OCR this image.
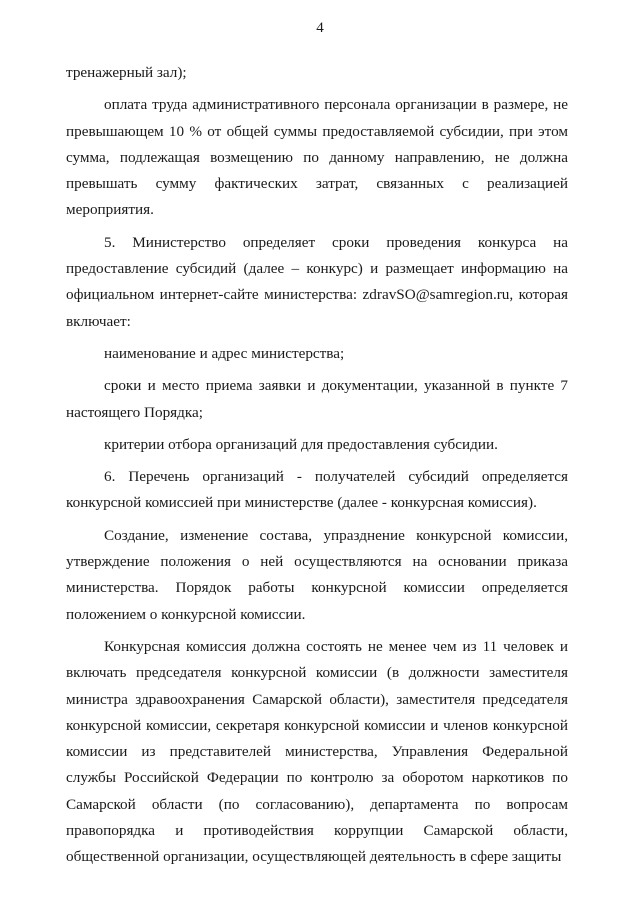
4

тренажерный зал);

оплата труда административного персонала организации в размере, не превышающем 10 % от общей суммы предоставляемой субсидии, при этом сумма, подлежащая возмещению по данному направлению, не должна превышать сумму фактических затрат, связанных с реализацией мероприятия.

5. Министерство определяет сроки проведения конкурса на предоставление субсидий (далее – конкурс) и размещает информацию на официальном интернет-сайте министерства: zdravSO@samregion.ru, которая включает:

наименование и адрес министерства;

сроки и место приема заявки и документации, указанной в пункте 7 настоящего Порядка;

критерии отбора организаций для предоставления субсидии.

6. Перечень организаций - получателей субсидий определяется конкурсной комиссией при министерстве (далее - конкурсная комиссия).

Создание, изменение состава, упразднение конкурсной комиссии, утверждение положения о ней осуществляются на основании приказа министерства. Порядок работы конкурсной комиссии определяется положением о конкурсной комиссии.

Конкурсная комиссия должна состоять не менее чем из 11 человек и включать председателя конкурсной комиссии (в должности заместителя министра здравоохранения Самарской области), заместителя председателя конкурсной комиссии, секретаря конкурсной комиссии и членов конкурсной комиссии из представителей министерства, Управления Федеральной службы Российской Федерации по контролю за оборотом наркотиков по Самарской области (по согласованию), департамента по вопросам правопорядка и противодействия коррупции Самарской области, общественной организации, осуществляющей деятельность в сфере защиты
